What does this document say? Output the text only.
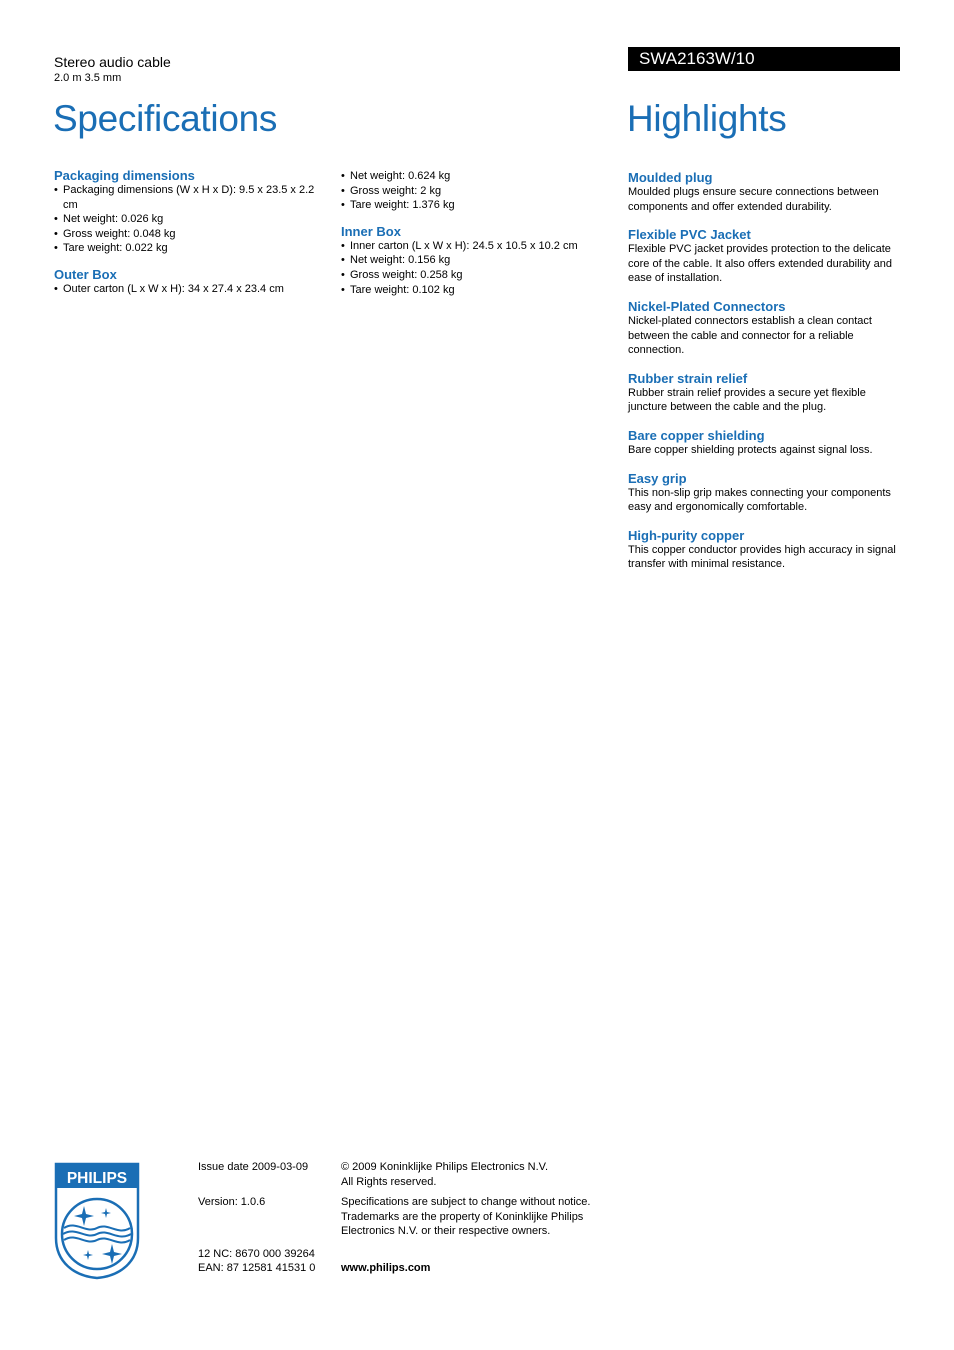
Stereo audio cable
2.0 m 3.5 mm
Specifications
SWA2163W/10
Highlights
Packaging dimensions
• Packaging dimensions (W x H x D): 9.5 x 23.5 x 2.2 cm
• Net weight: 0.026 kg
• Gross weight: 0.048 kg
• Tare weight: 0.022 kg
Outer Box
• Outer carton (L x W x H): 34 x 27.4 x 23.4 cm
• Net weight: 0.624 kg
• Gross weight: 2 kg
• Tare weight: 1.376 kg
Inner Box
• Inner carton (L x W x H): 24.5 x 10.5 x 10.2 cm
• Net weight: 0.156 kg
• Gross weight: 0.258 kg
• Tare weight: 0.102 kg
Moulded plug

Moulded plugs ensure secure connections between components and offer extended durability.

Flexible PVC Jacket

Flexible PVC jacket provides protection to the delicate core of the cable. It also offers extended durability and ease of installation.

Nickel-Plated Connectors

Nickel-plated connectors establish a clean contact between the cable and connector for a reliable connection.

Rubber strain relief

Rubber strain relief provides a secure yet flexible juncture between the cable and the plug.

Bare copper shielding

Bare copper shielding protects against signal loss.

Easy grip

This non-slip grip makes connecting your components easy and ergonomically comfortable.

High-purity copper

This copper conductor provides high accuracy in signal transfer with minimal resistance.

PHILIPS
Issue date 2009-03-09
Version: 1.0.6
12 NC: 8670 000 39264
EAN: 87 12581 41531 0
© 2009 Koninklijke Philips Electronics N.V.
All Rights reserved.
Specifications are subject to change without notice.
Trademarks are the property of Koninklijke Philips
Electronics N.V. or their respective owners.
www.philips.com
